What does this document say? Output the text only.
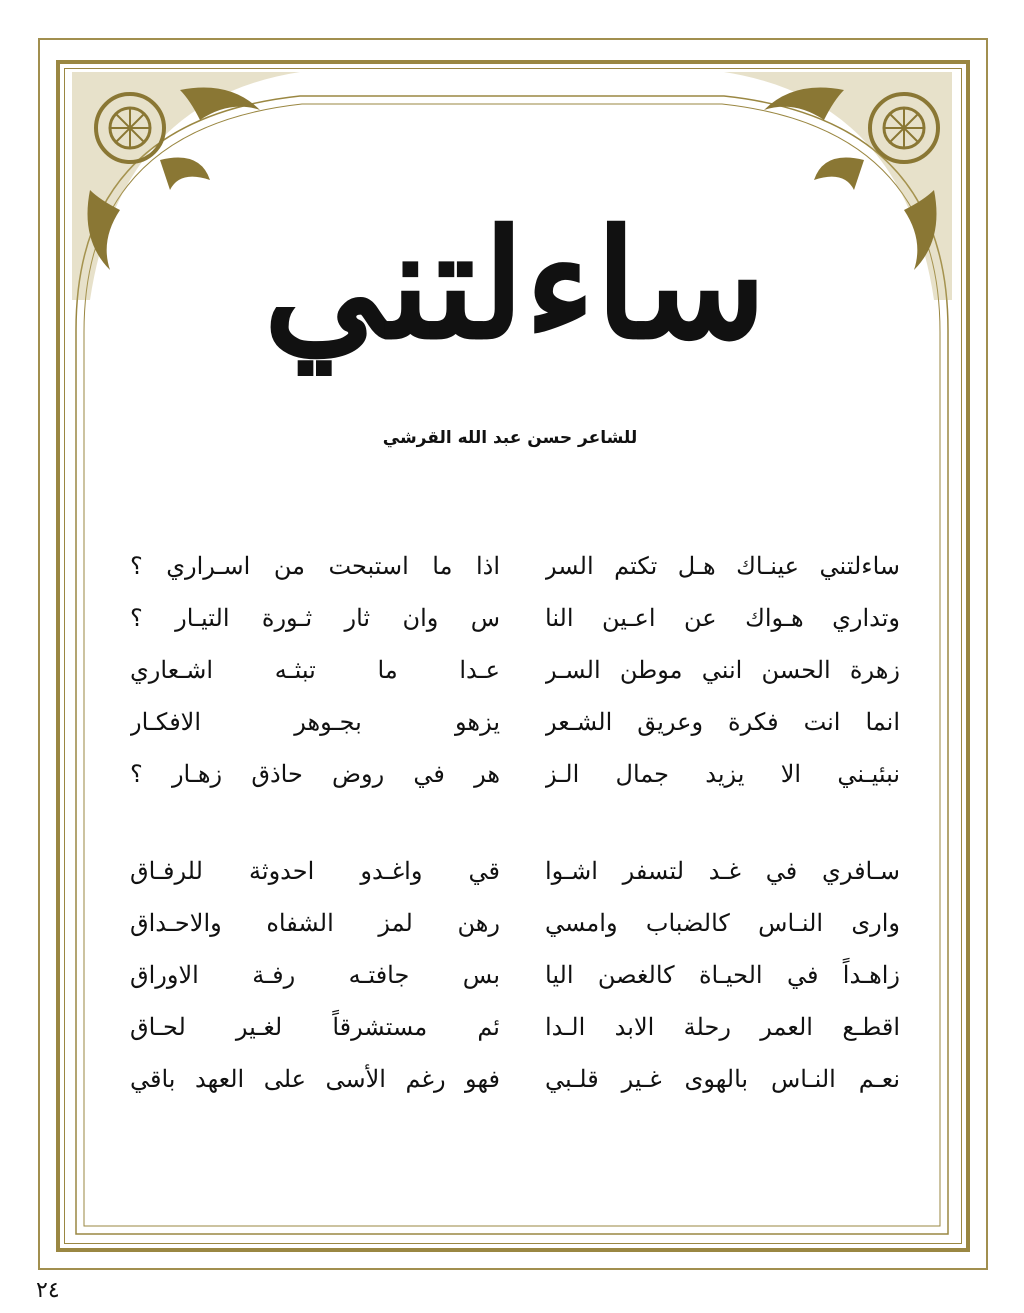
ساءلتني
للشاعر حسن عبد الله القرشي
ساءلتني عينـاك هـل تكتم السر
اذا ما استبحت من اسـراري ؟
وتداري هـواك عن اعـين النا
س وان ثار ثـورة التيـار ؟
زهرة الحسن انني موطن السـر
عـدا ما تبثـه اشـعاري
انما انت فكرة وعريق الشـعر
يزهو بجـوهر الافكـار
نبئيـني الا يزيد جمال الـز
هر في روض حاذق زهـار ؟
سـافري في غـد لتسفر اشـوا
قي واغـدو احدوثة للرفـاق
وارى النـاس كالضباب وامسي
رهن لمز الشفاه والاحـداق
زاهـداً في الحيـاة كالغصن اليا
بس جافتـه رفـة الاوراق
اقطـع العمر رحلة الابد الـدا
ئم مستشرقاً لغـير لحـاق
نعـم النـاس بالهوى غـير قلـبي
فهو رغم الأسى على العهد باقي
٢٤
